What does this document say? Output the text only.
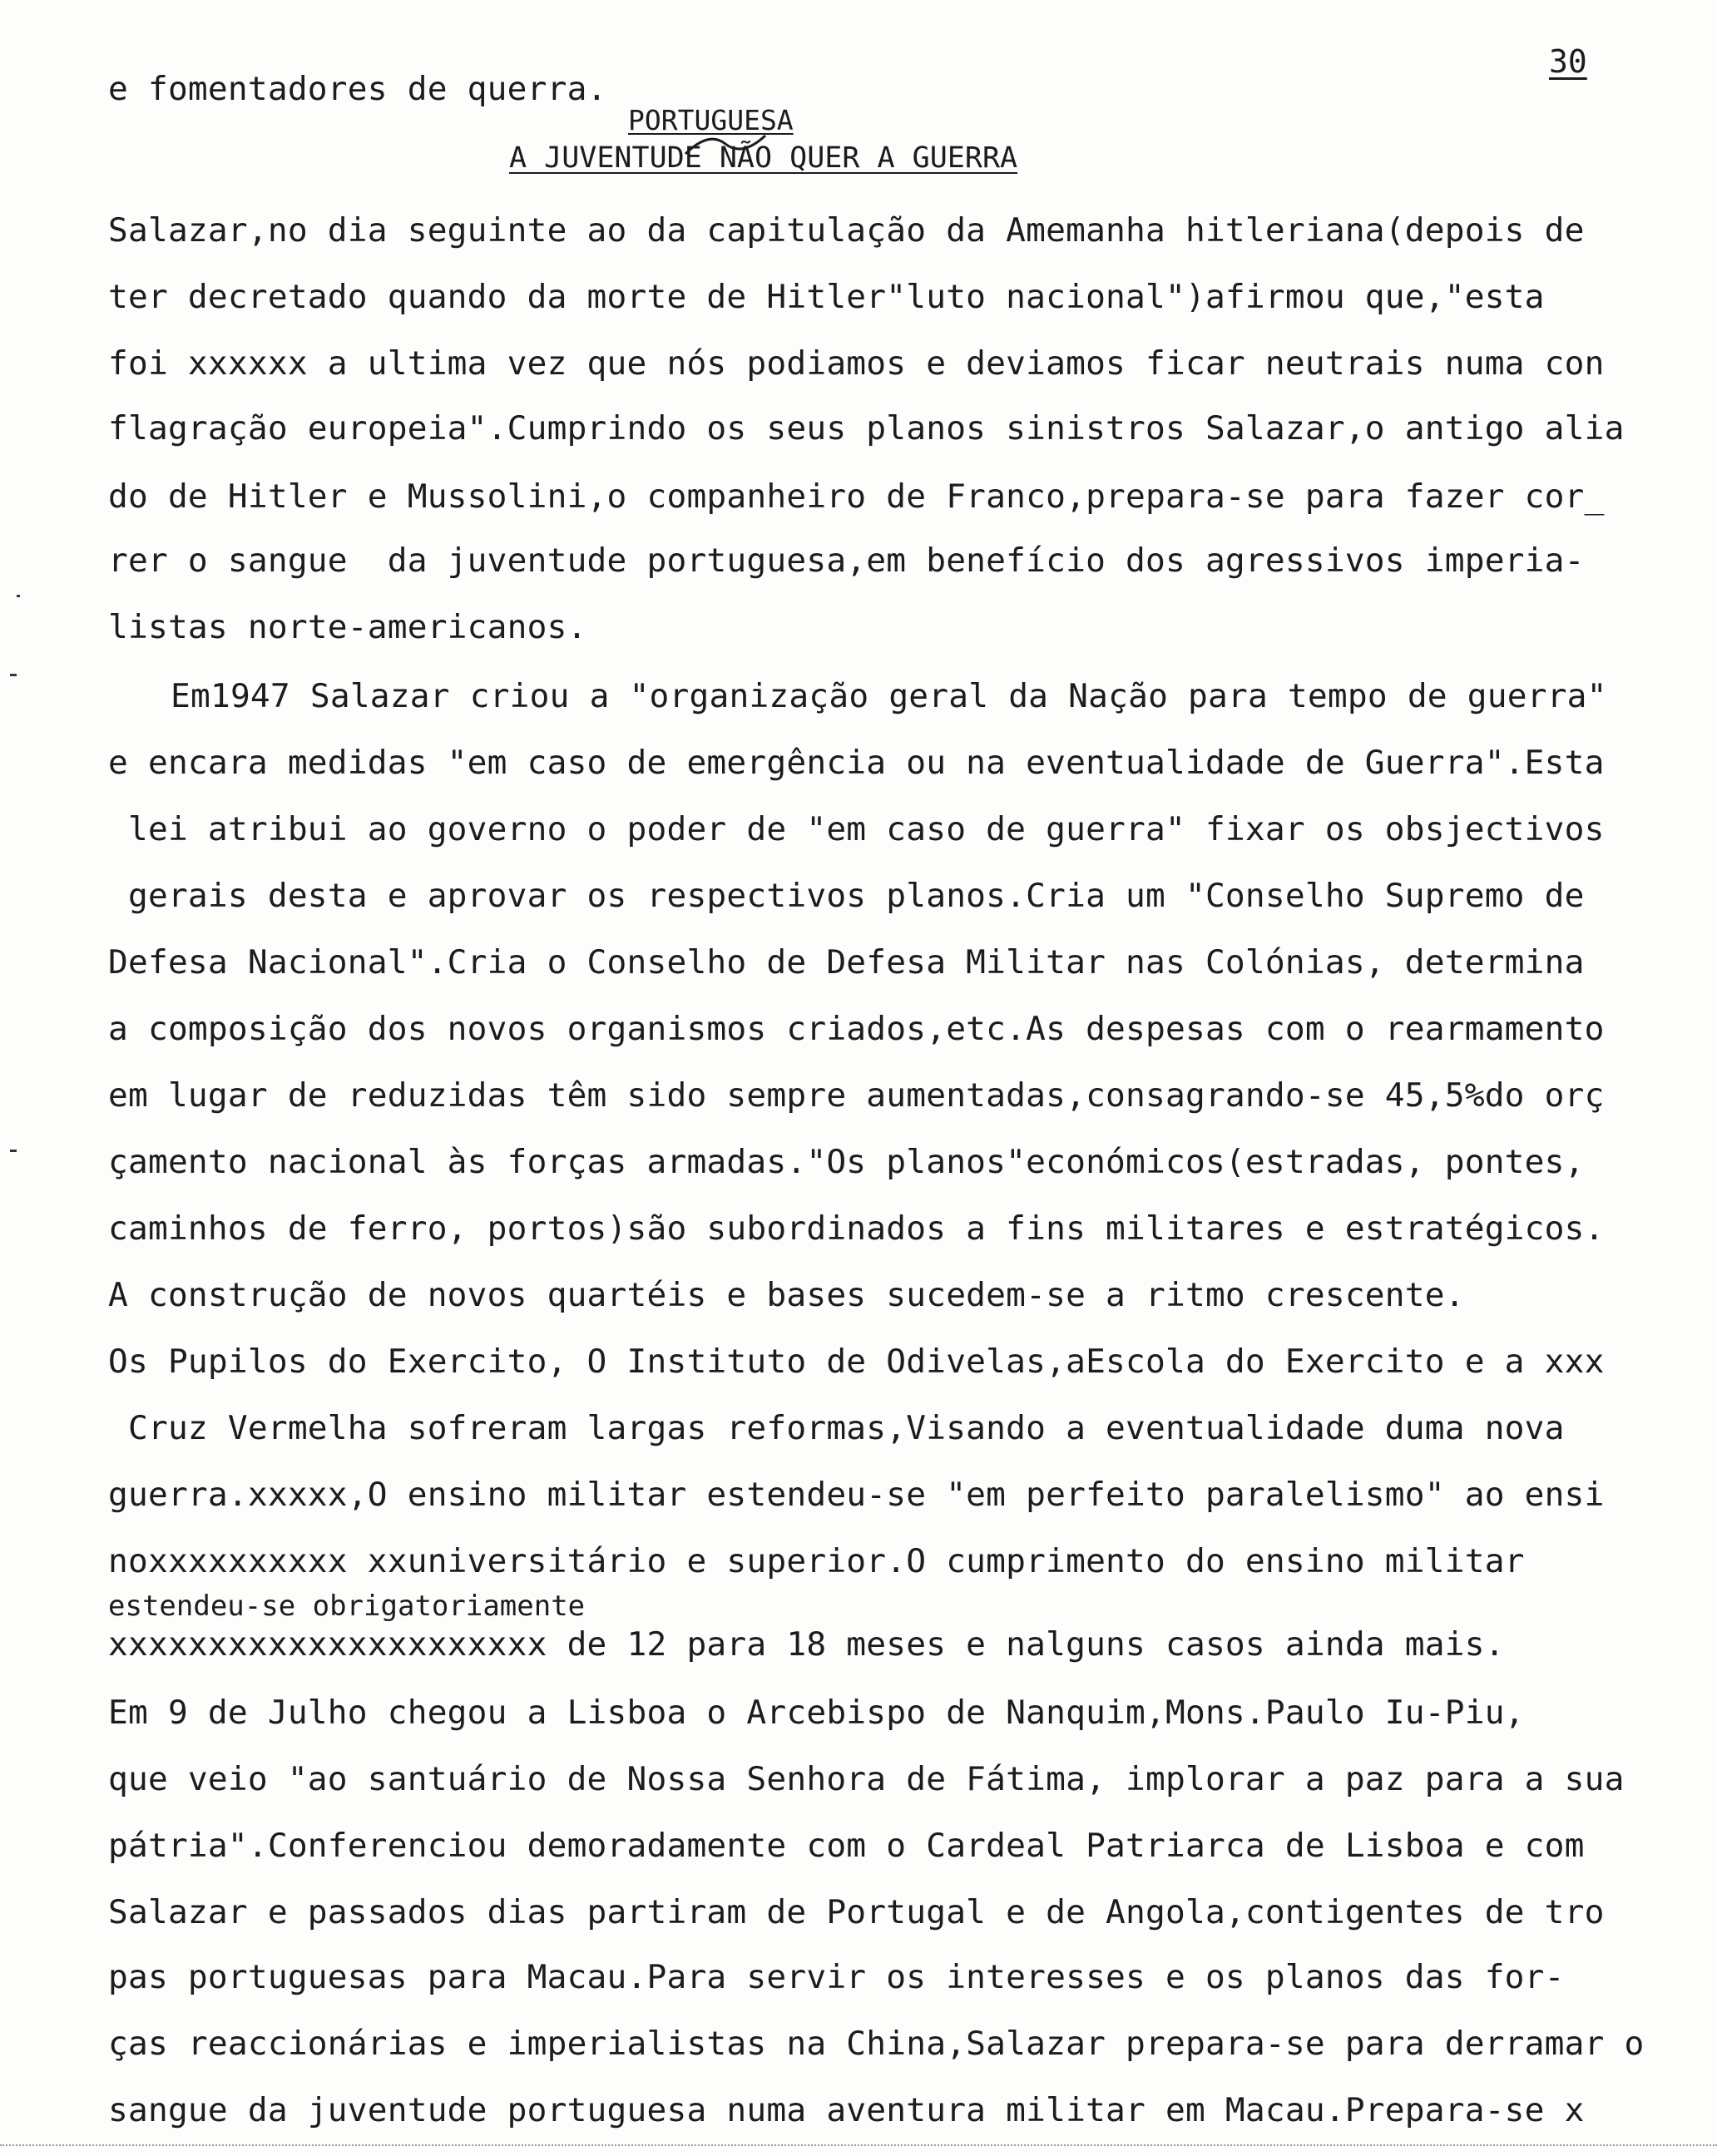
30
e fomentadores de querra.
PORTUGUESA
A JUVENTUDE NÃO QUER A GUERRA
Salazar,no dia seguinte ao da capitulação da Amemanha hitleriana(depois de
ter decretado quando da morte de Hitler"luto nacional")afirmou que,"esta
foi xxxxxx a ultima vez que nós podiamos e deviamos ficar neutrais numa con
flagração europeia".Cumprindo os seus planos sinistros Salazar,o antigo alia
do de Hitler e Mussolini,o companheiro de Franco,prepara-se para fazer cor_
rer o sangue  da juventude portuguesa,em benefício dos agressivos imperia-
listas norte-americanos.
Em1947 Salazar criou a "organização geral da Nação para tempo de guerra"
e encara medidas "em caso de emergência ou na eventualidade de Guerra".Esta
lei atribui ao governo o poder de "em caso de guerra" fixar os obsjectivos
gerais desta e aprovar os respectivos planos.Cria um "Conselho Supremo de
Defesa Nacional".Cria o Conselho de Defesa Militar nas Colónias, determina
a composição dos novos organismos criados,etc.As despesas com o rearmamento
em lugar de reduzidas têm sido sempre aumentadas,consagrando-se 45,5%do orç
çamento nacional às forças armadas."Os planos"económicos(estradas, pontes,
caminhos de ferro, portos)são subordinados a fins militares e estratégicos.
A construção de novos quartéis e bases sucedem-se a ritmo crescente.
Os Pupilos do Exercito, O Instituto de Odivelas,aEscola do Exercito e a xxx
Cruz Vermelha sofreram largas reformas,Visando a eventualidade duma nova
guerra.xxxxx,O ensino militar estendeu-se "em perfeito paralelismo" ao ensi
noxxxxxxxxxx xxuniversitário e superior.O cumprimento do ensino militar
estendeu-se obrigatoriamente
xxxxxxxxxxxxxxxxxxxxxx de 12 para 18 meses e nalguns casos ainda mais.
Em 9 de Julho chegou a Lisboa o Arcebispo de Nanquim,Mons.Paulo Iu-Piu,
que veio "ao santuário de Nossa Senhora de Fátima, implorar a paz para a sua
pátria".Conferenciou demoradamente com o Cardeal Patriarca de Lisboa e com
Salazar e passados dias partiram de Portugal e de Angola,contigentes de tro
pas portuguesas para Macau.Para servir os interesses e os planos das for-
ças reaccionárias e imperialistas na China,Salazar prepara-se para derramar o
sangue da juventude portuguesa numa aventura militar em Macau.Prepara-se x
